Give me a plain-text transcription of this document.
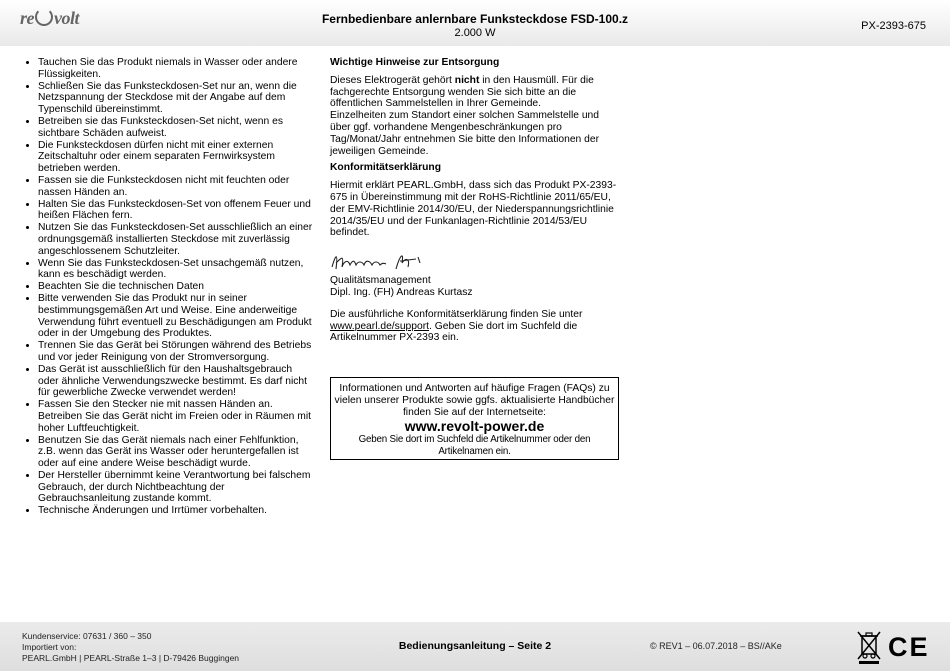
re volt	Fernbedienbare anlernbare Funksteckdose FSD-100.z
2.000 W
PX-2393-675
• Tauchen Sie das Produkt niemals in Wasser oder andere Flüssigkeiten.
• Schließen Sie das Funksteckdosen-Set nur an, wenn die Netzspannung der Steckdose mit der Angabe auf dem Typenschild übereinstimmt.
• Betreiben sie das Funksteckdosen-Set nicht, wenn es sichtbare Schäden aufweist.
• Die Funksteckdosen dürfen nicht mit einer externen Zeitschaltuhr oder einem separaten Fernwirksystem betrieben werden.
• Fassen sie die Funksteckdosen nicht mit feuchten oder nassen Händen an.
• Halten Sie das Funksteckdosen-Set von offenem Feuer und heißen Flächen fern.
• Nutzen Sie das Funksteckdosen-Set ausschließlich an einer ordnungsgemäß installierten Steckdose mit zuverlässig angeschlossenem Schutzleiter.
• Wenn Sie das Funksteckdosen-Set unsachgemäß nutzen, kann es beschädigt werden.
• Beachten Sie die technischen Daten
• Bitte verwenden Sie das Produkt nur in seiner bestimmungsgemäßen Art und Weise. Eine anderweitige Verwendung führt eventuell zu Beschädigungen am Produkt oder in der Umgebung des Produktes.
• Trennen Sie das Gerät bei Störungen während des Betriebs und vor jeder Reinigung von der Stromversorgung.
• Das Gerät ist ausschließlich für den Haushaltsgebrauch oder ähnliche Verwendungszwecke bestimmt. Es darf nicht für gewerbliche Zwecke verwendet werden!
• Fassen Sie den Stecker nie mit nassen Händen an. Betreiben Sie das Gerät nicht im Freien oder in Räumen mit hoher Luftfeuchtigkeit.
• Benutzen Sie das Gerät niemals nach einer Fehlfunktion, z.B. wenn das Gerät ins Wasser oder heruntergefallen ist oder auf eine andere Weise beschädigt wurde.
• Der Hersteller übernimmt keine Verantwortung bei falschem Gebrauch, der durch Nichtbeachtung der Gebrauchsanleitung zustande kommt.
• Technische Änderungen und Irrtümer vorbehalten.
Wichtige Hinweise zur Entsorgung

Dieses Elektrogerät gehört nicht in den Hausmüll. Für die fachgerechte Entsorgung wenden Sie sich bitte an die öffentlichen Sammelstellen in Ihrer Gemeinde.

Einzelheiten zum Standort einer solchen Sammelstelle und über ggf. vorhandene Mengenbeschränkungen pro Tag/Monat/Jahr entnehmen Sie bitte den Informationen der jeweiligen Gemeinde.

Konformitätserklärung

Hiermit erklärt PEARL.GmbH, dass sich das Produkt PX-2393-675 in Übereinstimmung mit der RoHS-Richtlinie 2011/65/EU, der EMV-Richtlinie 2014/30/EU, der Niederspannungsrichtlinie 2014/35/EU und der Funkanlagen-Richtlinie 2014/53/EU befindet.

Qualitätsmanagement

Dipl. Ing. (FH) Andreas Kurtasz

Die ausführliche Konformitätserklärung finden Sie unter www.pearl.de/support. Geben Sie dort im Suchfeld die Artikelnummer PX-2393 ein.

Informationen und Antworten auf häufige Fragen (FAQs) zu vielen unserer Produkte sowie ggfs. aktualisierte Handbücher finden Sie auf der Internetseite:
www.revolt-power.de
Geben Sie dort im Suchfeld die Artikelnummer oder den Artikelnamen ein.
Kundenservice: 07631 / 360 – 350
Importiert von:
PEARL.GmbH | PEARL-Straße 1–3 | D-79426 Buggingen
Bedienungsanleitung – Seite 2	© REV1 – 06.07.2018 – BS//AKe	CE
